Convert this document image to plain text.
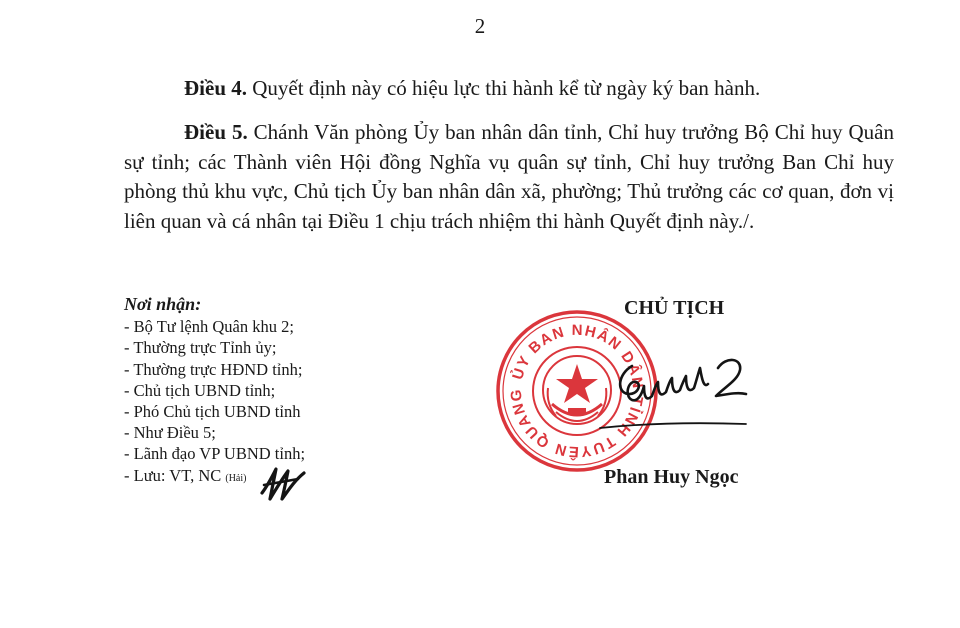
2

Điều 4. Quyết định này có hiệu lực thi hành kể từ ngày ký ban hành.

Điều 5. Chánh Văn phòng Ủy ban nhân dân tỉnh, Chỉ huy trưởng Bộ Chỉ huy Quân sự tỉnh; các Thành viên Hội đồng Nghĩa vụ quân sự tỉnh, Chỉ huy trưởng Ban Chỉ huy phòng thủ khu vực, Chủ tịch Ủy ban nhân dân xã, phường; Thủ trưởng các cơ quan, đơn vị liên quan và cá nhân tại Điều 1 chịu trách nhiệm thi hành Quyết định này./.

Nơi nhận:
- Bộ Tư lệnh Quân khu 2;
- Thường trực Tỉnh ủy;
- Thường trực HĐND tỉnh;
- Chủ tịch UBND tỉnh;
- Phó Chủ tịch UBND tỉnh
- Như Điều 5;
- Lãnh đạo VP UBND tỉnh;
- Lưu: VT, NC (Hải)
ỦY BAN NHÂN DÂN TỈNH TUYÊN QUANG
CHỦ TỊCH
Phan Huy Ngọc
